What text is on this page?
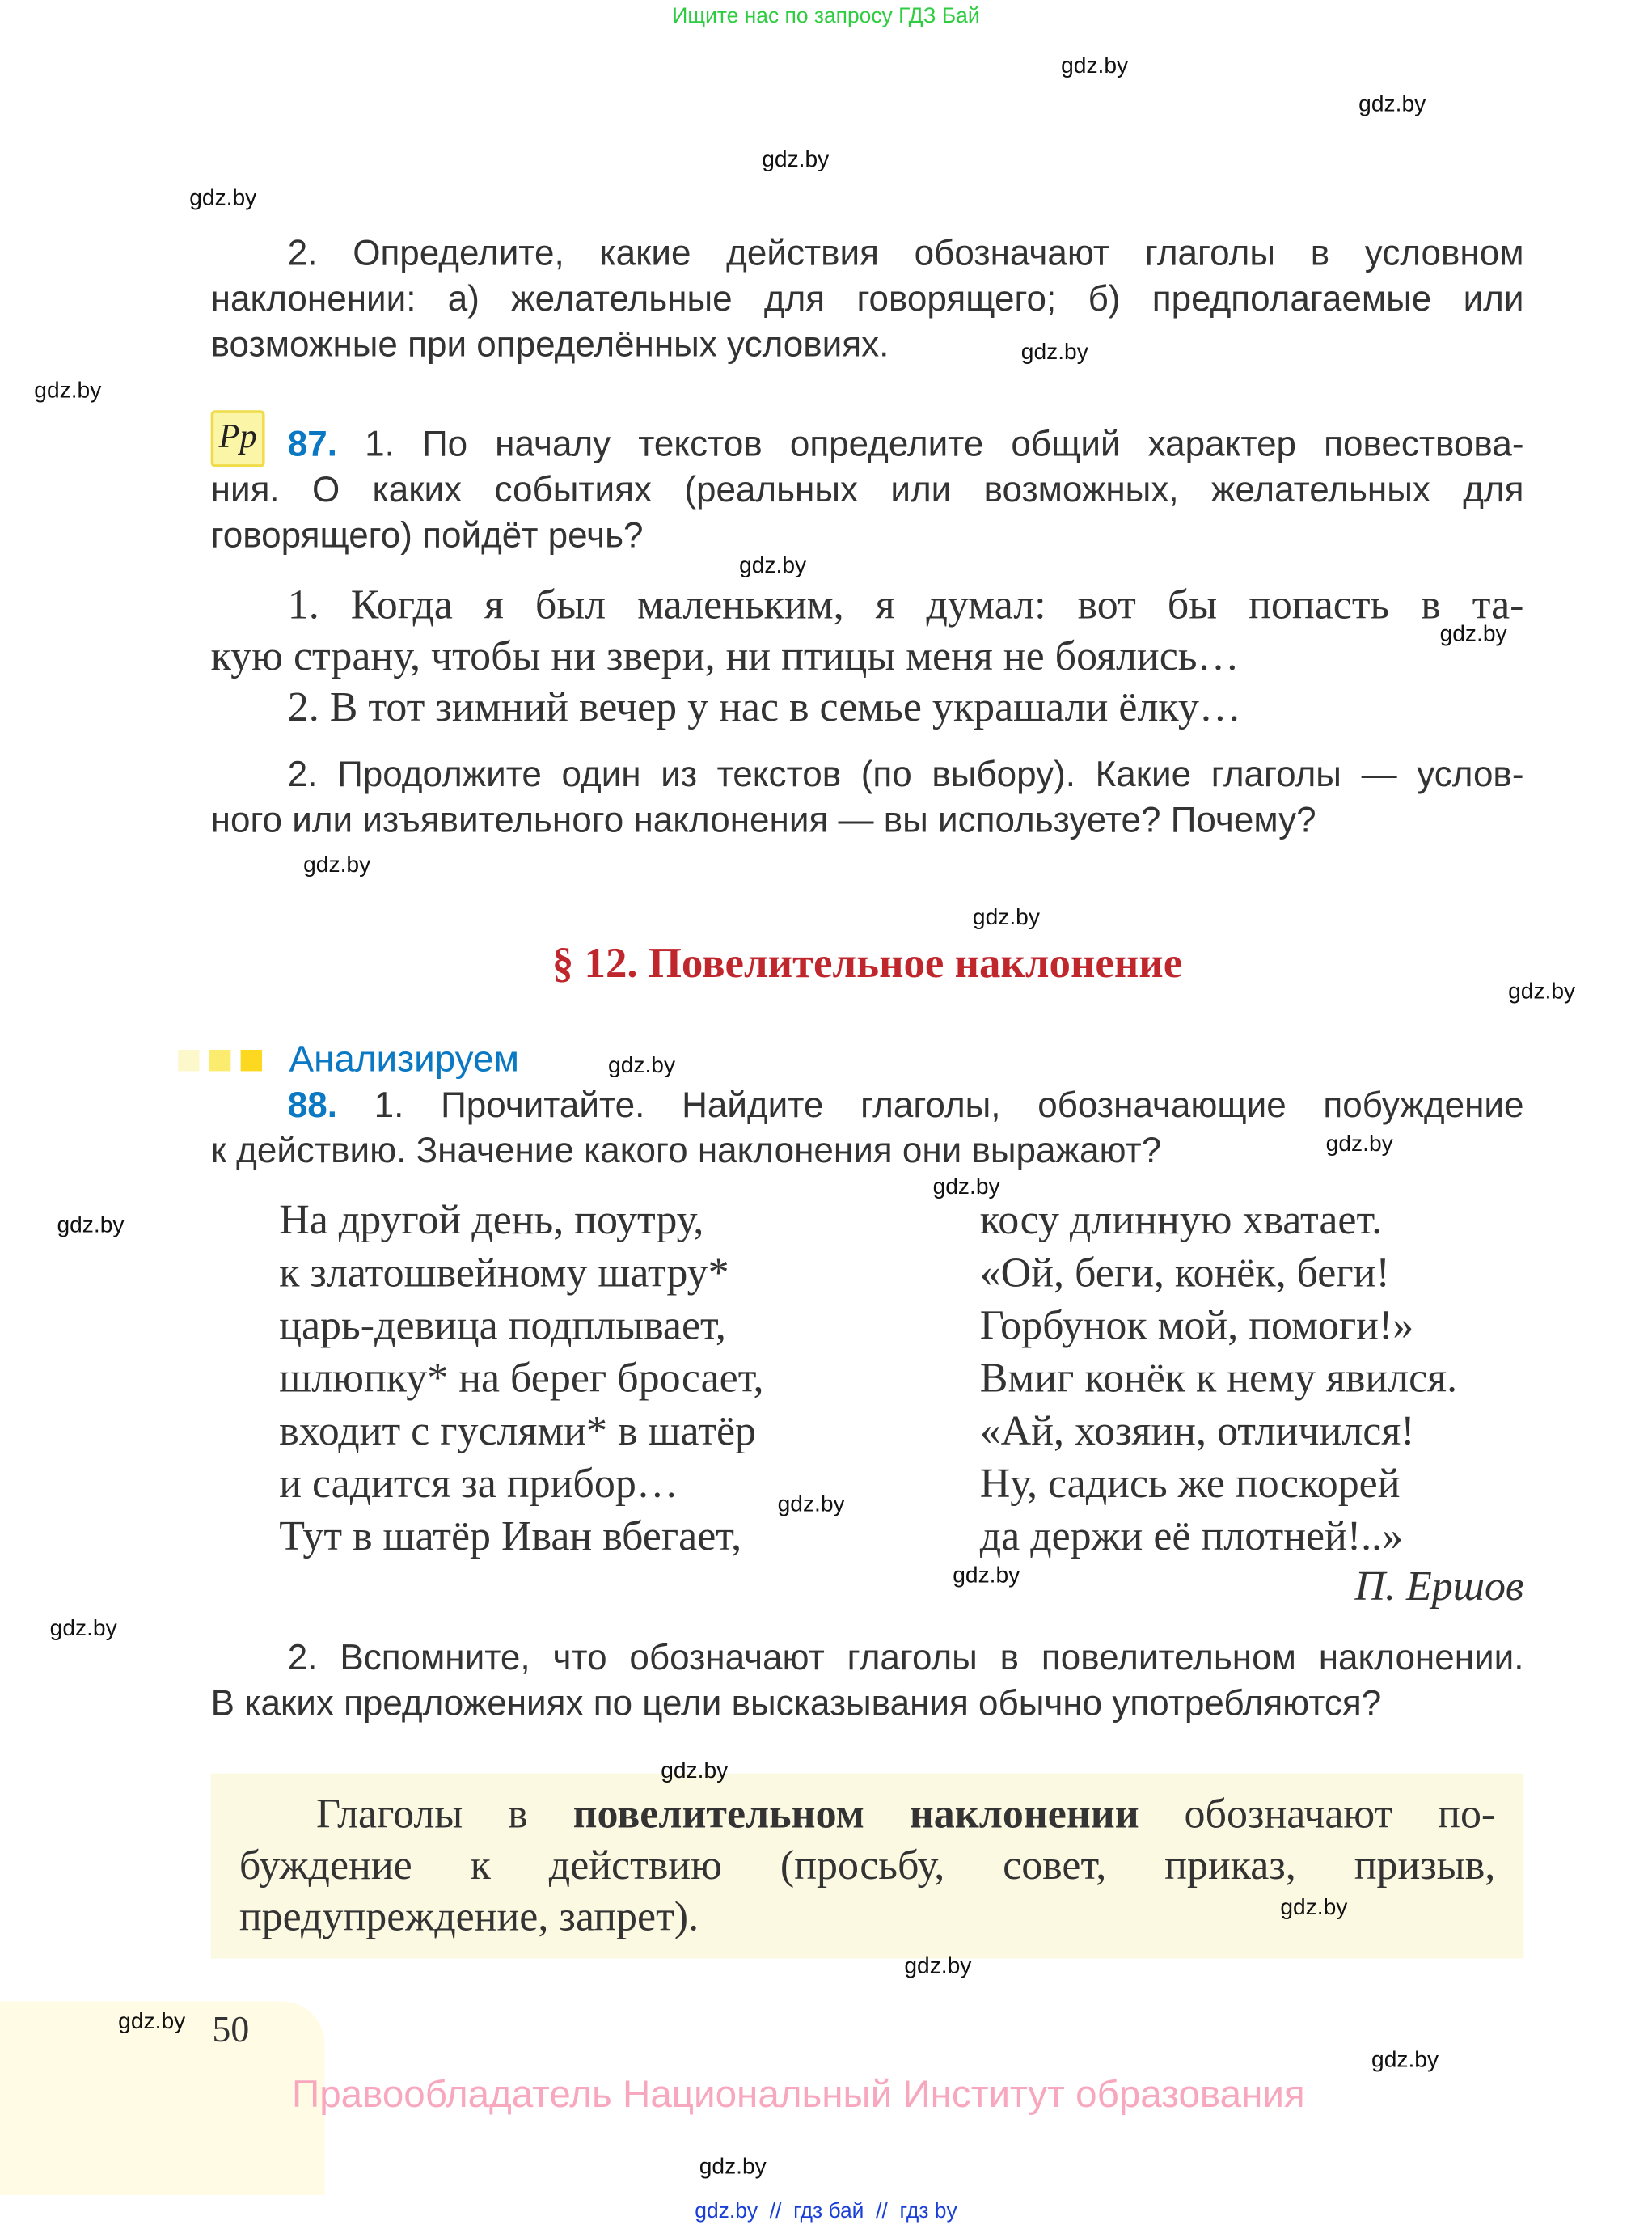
Ищите нас по запросу ГДЗ Бай
2. Определите, какие действия обозначают глаголы в условном
наклонении: а) желательные для говорящего; б) предполагаемые или
возможные при определённых условиях.
Рр	87. 1. По началу текстов определите общий характер повествова-
ния. О каких событиях (реальных или возможных, желательных для
говорящего) пойдёт речь?
1. Когда я был маленьким, я думал: вот бы попасть в та-
кую страну, чтобы ни звери, ни птицы меня не боялись…
2. В тот зимний вечер у нас в семье украшали ёлку…
2. Продолжите один из текстов (по выбору). Какие глаголы — услов-
ного или изъявительного наклонения — вы используете? Почему?
§ 12. Повелительное наклонение
Анализируем
88. 1. Прочитайте. Найдите глаголы, обозначающие побуждение
к действию. Значение какого наклонения они выражают?
На другой день, поутру,
к златошвейному шатру*
царь-девица подплывает,
шлюпку* на берег бросает,
входит с гуслями* в шатёр
и садится за прибор…
Тут в шатёр Иван вбегает,
косу длинную хватает.
«Ой, беги, конёк, беги!
Горбунок мой, помоги!»
Вмиг конёк к нему явился.
«Ай, хозяин, отличился!
Ну, садись же поскорей
да держи её плотней!..»
П. Ершов
2. Вспомните, что обозначают глаголы в повелительном наклонении.
В каких предложениях по цели высказывания обычно употребляются?
Глаголы в повелительном наклонении обозначают по-
буждение к действию (просьбу, совет, приказ, призыв,
предупреждение, запрет).
50
Правообладатель Национальный Институт образования
gdz.by  //  гдз бай  //  гдз by
gdz.by
gdz.by
gdz.by
gdz.by
gdz.by
gdz.by
gdz.by
gdz.by
gdz.by
gdz.by
gdz.by
gdz.by
gdz.by
gdz.by
gdz.by
gdz.by
gdz.by
gdz.by
gdz.by
gdz.by
gdz.by
gdz.by
gdz.by
gdz.by
